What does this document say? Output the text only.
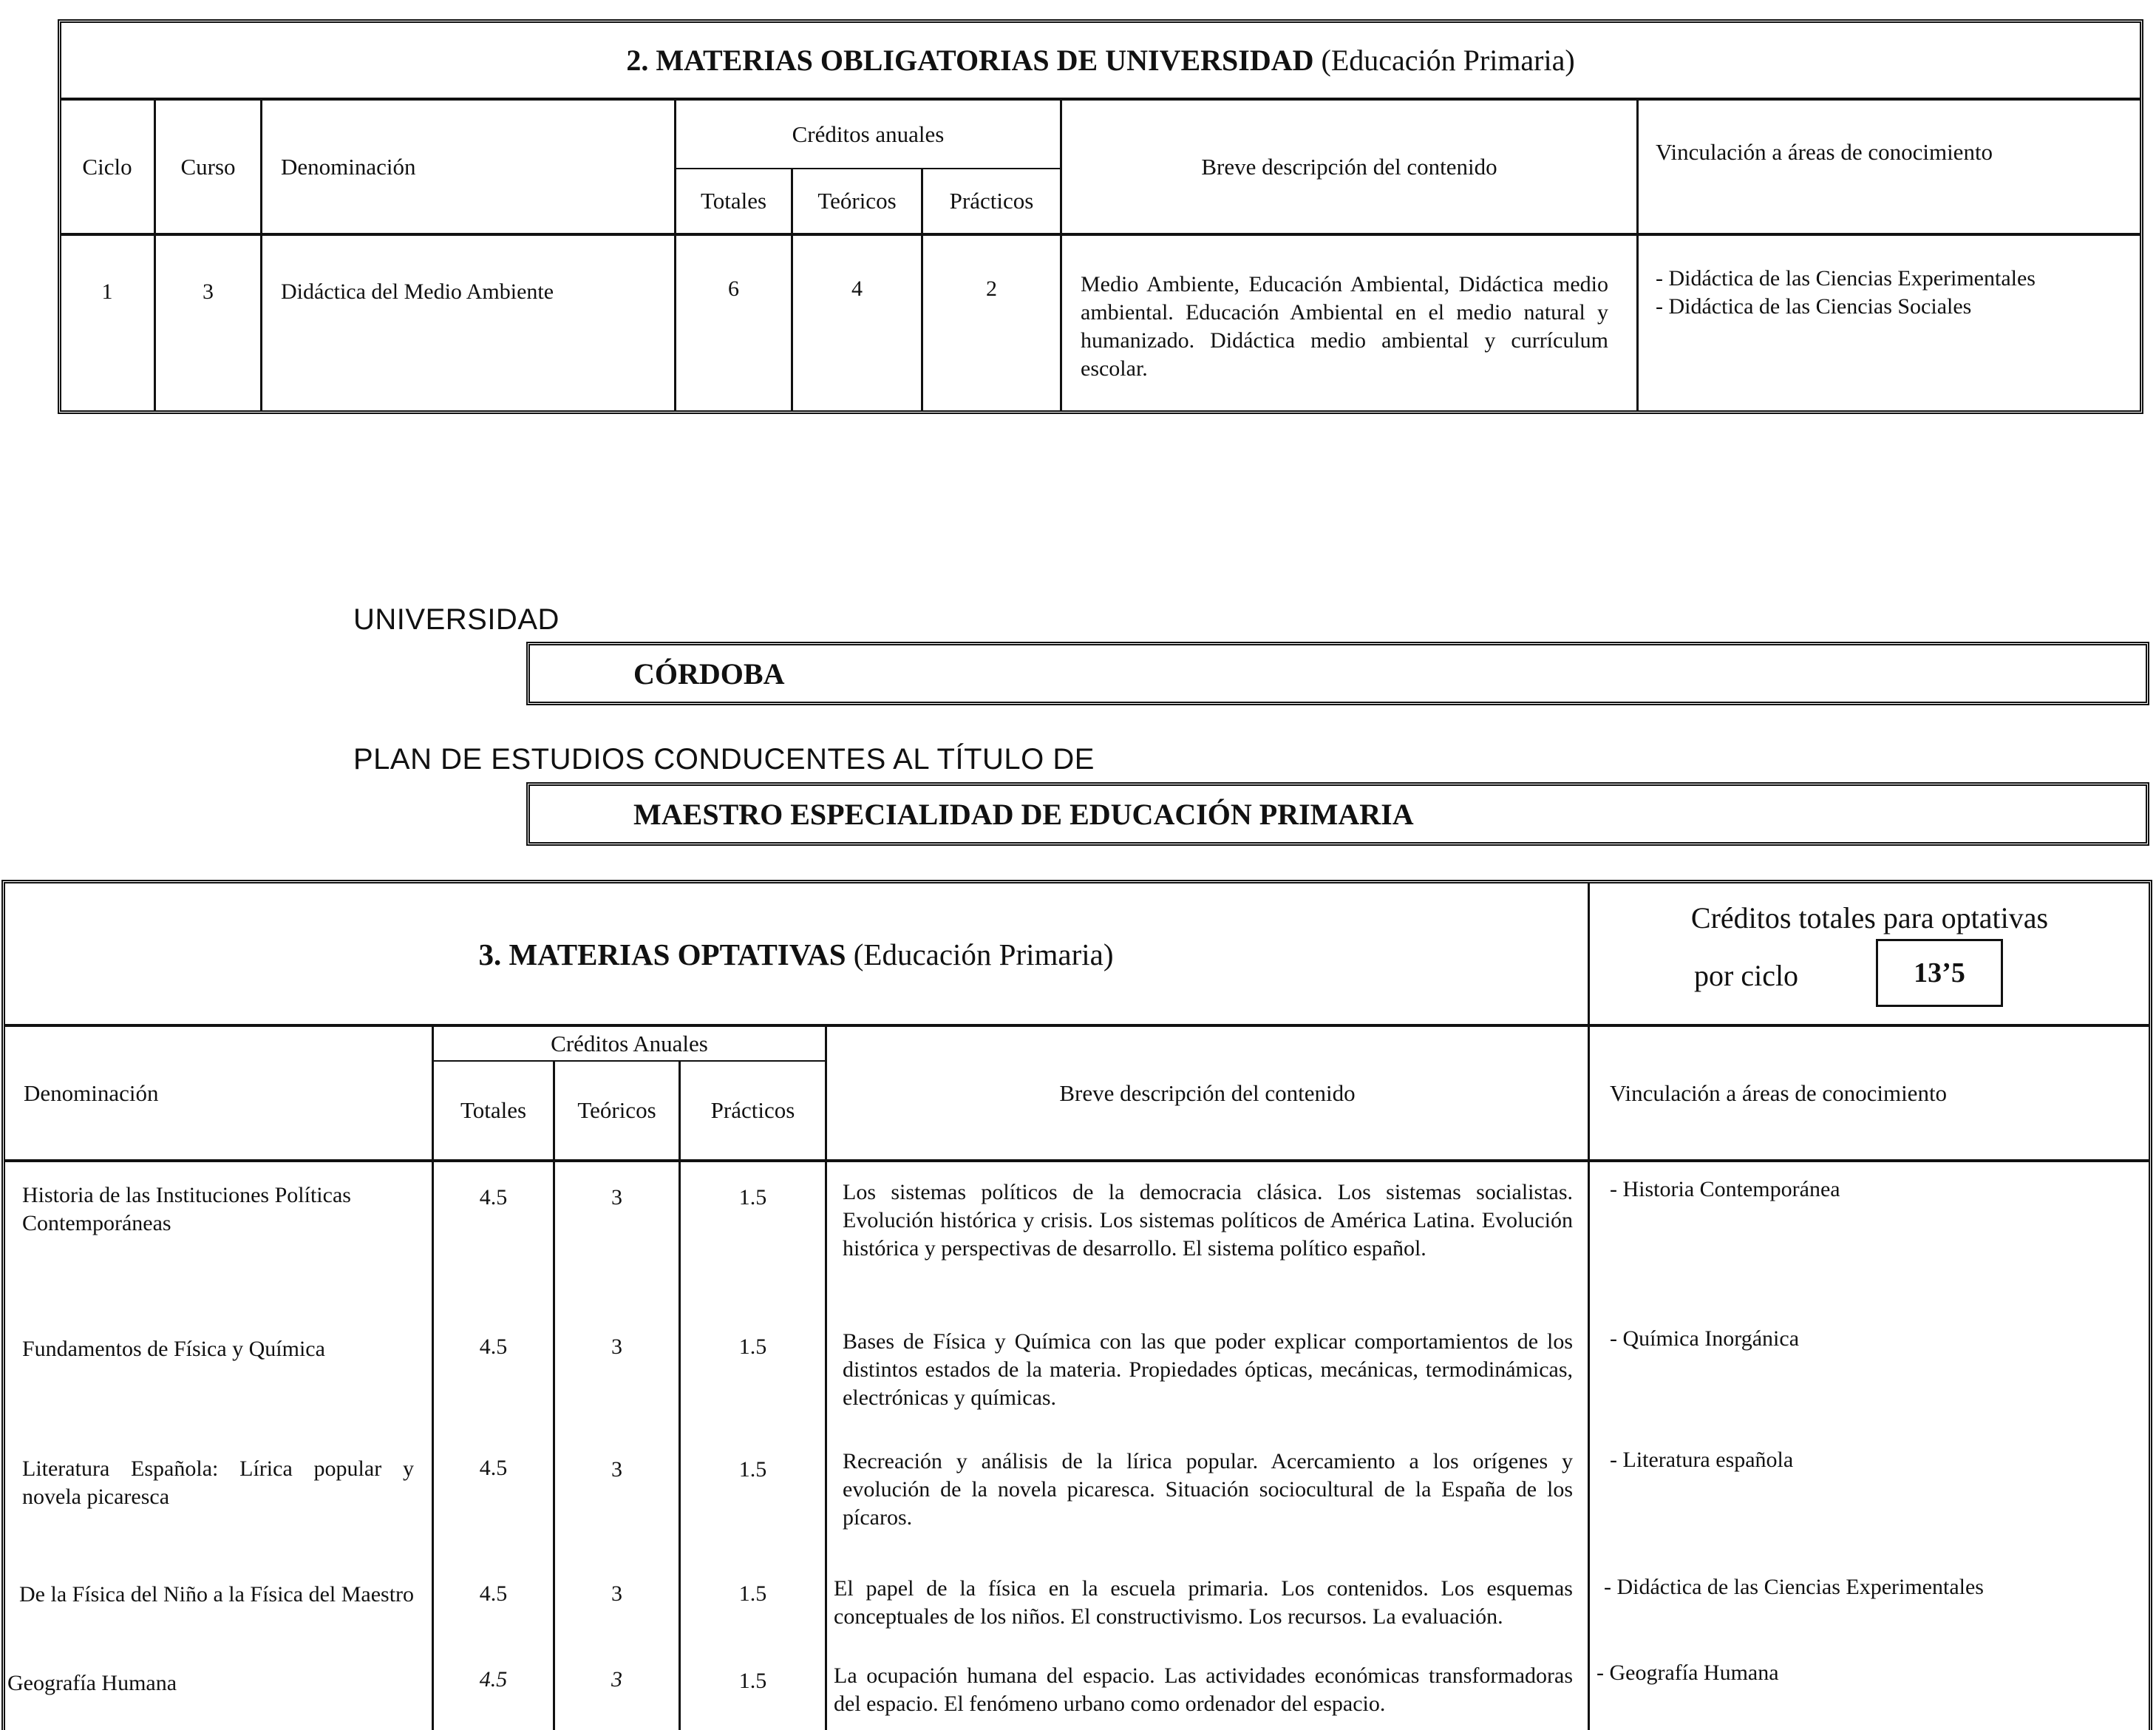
2. MATERIAS OBLIGATORIAS DE UNIVERSIDAD (Educación Primaria)
Ciclo	Curso	Denominación
Créditos anuales
Totales	Teóricos	Prácticos
Breve descripción del contenido
Vinculación a áreas de conocimiento
1	3	Didáctica del Medio Ambiente	6	4	2	Medio Ambiente, Educación Ambiental, Didáctica medio ambiental. Educación Ambiental en el medio natural y humanizado. Didáctica medio ambiental y currículum escolar.
- Didáctica de las Ciencias Experimentales
- Didáctica de las Ciencias Sociales
UNIVERSIDAD
CÓRDOBA
PLAN DE ESTUDIOS CONDUCENTES AL TÍTULO DE
MAESTRO ESPECIALIDAD DE EDUCACIÓN PRIMARIA
3. MATERIAS OPTATIVAS (Educación Primaria)
Créditos totales para optativas
por ciclo	13’5
Denominación
Créditos Anuales
Totales	Teóricos	Prácticos
Breve descripción del contenido	Vinculación a áreas de conocimiento
Historia de las Instituciones Políticas Contemporáneas
4.5	3	1.5	Los sistemas políticos de la democracia clásica. Los sistemas socialistas. Evolución histórica y crisis. Los sistemas políticos de América Latina. Evolución histórica y perspectivas de desarrollo. El sistema político español.
- Historia Contemporánea
Fundamentos de Física y Química	4.5	3	1.5	Bases de Física y Química con las que poder explicar comportamientos de los distintos estados de la materia. Propiedades ópticas, mecánicas, termodinámicas, electrónicas y químicas.
- Química Inorgánica
Literatura Española: Lírica popular y novela picaresca
4.5	3	1.5	Recreación y análisis de la lírica popular. Acercamiento a los orígenes y evolución de la novela picaresca. Situación sociocultural de la España de los pícaros.
- Literatura española
De la Física del Niño a la Física del Maestro	4.5	3	1.5	El papel de la física en la escuela primaria. Los contenidos. Los esquemas conceptuales de los niños. El constructivismo. Los recursos. La evaluación.
- Didáctica de las Ciencias Experimentales
Geografía Humana	4.5	3	1.5	La ocupación humana del espacio. Las actividades económicas transformadoras del espacio. El fenómeno urbano como ordenador del espacio.
- Geografía Humana
